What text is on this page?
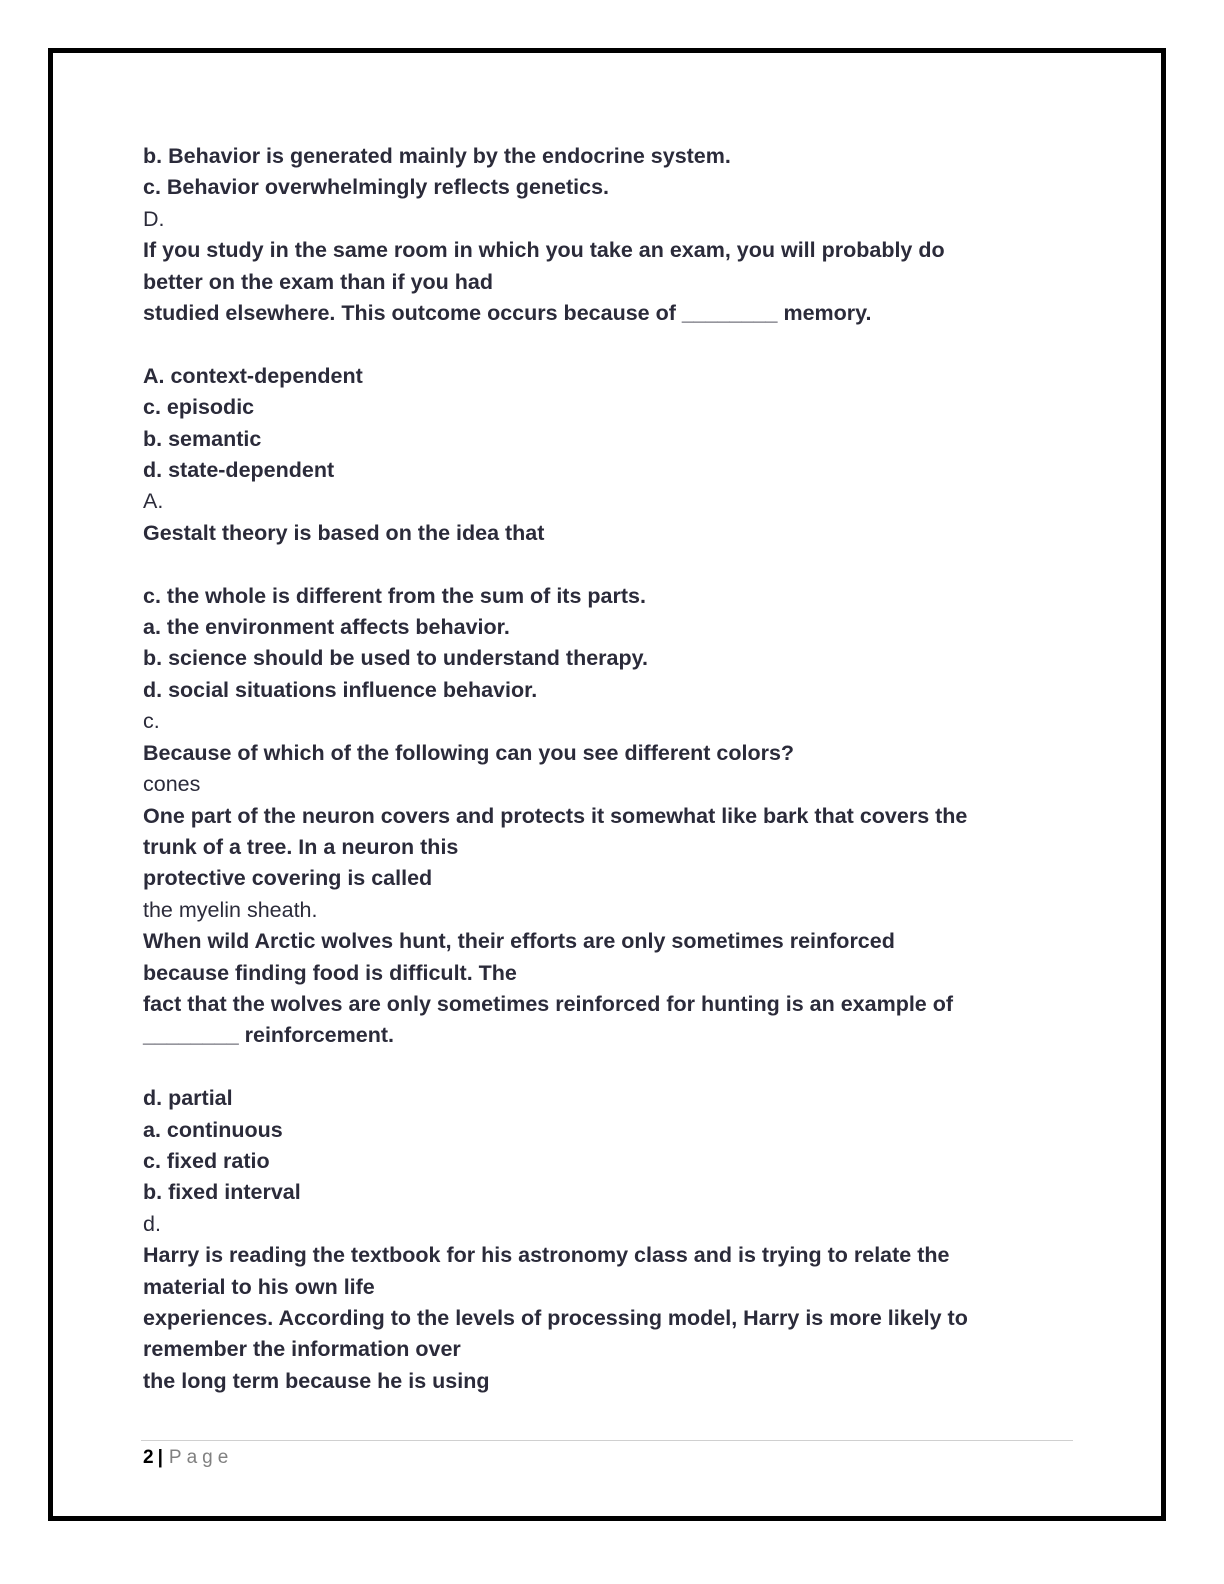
b. Behavior is generated mainly by the endocrine system.
c. Behavior overwhelmingly reflects genetics.
D.
If you study in the same room in which you take an exam, you will probably do
better on the exam than if you had
studied elsewhere. This outcome occurs because of ________ memory.
A. context-dependent
c. episodic
b. semantic
d. state-dependent
A.
Gestalt theory is based on the idea that
c. the whole is different from the sum of its parts.
a. the environment affects behavior.
b. science should be used to understand therapy.
d. social situations influence behavior.
c.
Because of which of the following can you see different colors?
cones
One part of the neuron covers and protects it somewhat like bark that covers the
trunk of a tree. In a neuron this
protective covering is called
the myelin sheath.
When wild Arctic wolves hunt, their efforts are only sometimes reinforced
because finding food is difficult. The
fact that the wolves are only sometimes reinforced for hunting is an example of
________ reinforcement.
d. partial
a. continuous
c. fixed ratio
b. fixed interval
d.
Harry is reading the textbook for his astronomy class and is trying to relate the
material to his own life
experiences. According to the levels of processing model, Harry is more likely to
remember the information over
the long term because he is using
2 | Page
